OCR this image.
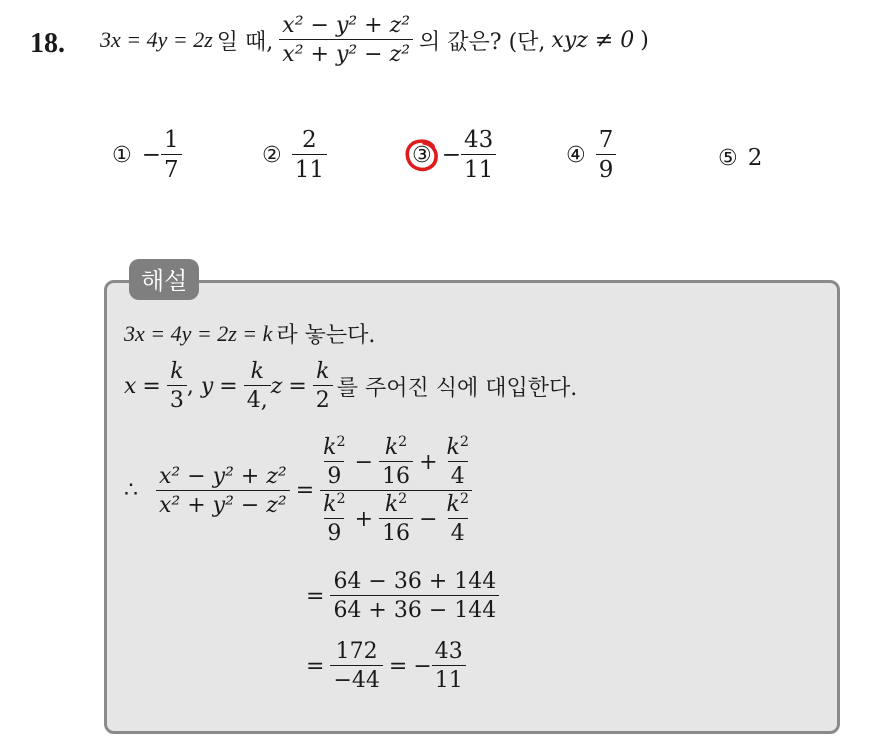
18. 3x = 4y = 2z 일 때, $\frac{\text{x² − y² + z²}}{\text{x² + y² − z²}}$ 의 값은? (단, xyz ≠ 0 )
① − $\frac{1}{7}$	② $\frac{2}{11}$	③ − $\frac{43}{11}$	④ $\frac{7}{9}$	⑤ 2
해설
3x = 4y = 2z = k 라 놓는다.
$x = \frac{k}{3}$ , $y = \frac{k}{4,}$ $z = \frac{k}{2}$ 를 주어진 식에 대입한다.
∴ $\frac{\text{x² − y² + z²}}{\text{x² + y² − z²}} = \frac{\frac{k^2}{9} - \frac{k^2}{16} + \frac{k^2}{4}}{\frac{k^2}{9} + \frac{k^2}{16} - \frac{k^2}{4}}$
= $\frac{64 - 36 + 144}{64 + 36 - 144}$
= $\frac{172}{-44}$ = − $\frac{43}{11}$
